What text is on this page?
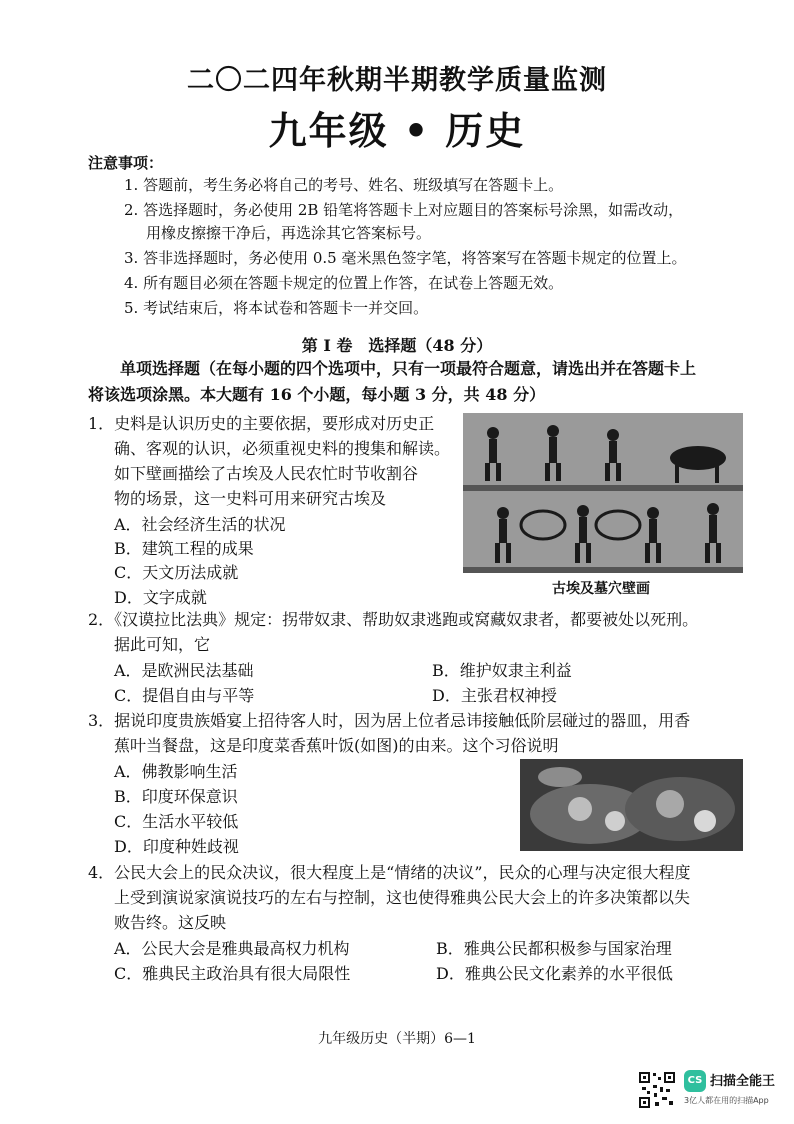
二〇二四年秋期半期教学质量监测
九年级 • 历史
注意事项：
1. 答题前，考生务必将自己的考号、姓名、班级填写在答题卡上。
2. 答选择题时，务必使用 2B 铅笔将答题卡上对应题目的答案标号涂黑，如需改动，
用橡皮擦擦干净后，再选涂其它答案标号。
3. 答非选择题时，务必使用 0.5 毫米黑色签字笔，将答案写在答题卡规定的位置上。
4. 所有题目必须在答题卡规定的位置上作答，在试卷上答题无效。
5. 考试结束后，将本试卷和答题卡一并交回。
第 I 卷　选择题（48 分）
单项选择题（在每小题的四个选项中，只有一项最符合题意，请选出并在答题卡上
将该选项涂黑。本大题有 16 个小题，每小题 3 分，共 48 分）
1．史料是认识历史的主要依据，要形成对历史正
确、客观的认识，必须重视史料的搜集和解读。
如下壁画描绘了古埃及人民农忙时节收割谷
物的场景，这一史料可用来研究古埃及
A．社会经济生活的状况
B．建筑工程的成果
C．天文历法成就
D．文字成就	古埃及墓穴壁画
2．《汉谟拉比法典》规定：拐带奴隶、帮助奴隶逃跑或窝藏奴隶者，都要被处以死刑。
据此可知，它
A．是欧洲民法基础	B．维护奴隶主利益
C．提倡自由与平等	D．主张君权神授
3．据说印度贵族婚宴上招待客人时，因为居上位者忌讳接触低阶层碰过的器皿，用香
蕉叶当餐盘，这是印度菜香蕉叶饭(如图)的由来。这个习俗说明
A．佛教影响生活
B．印度环保意识
C．生活水平较低
D．印度种姓歧视
4．公民大会上的民众决议，很大程度上是“情绪的决议”，民众的心理与决定很大程度
上受到演说家演说技巧的左右与控制，这也使得雅典公民大会上的许多决策都以失
败告终。这反映
A．公民大会是雅典最高权力机构	B．雅典公民都积极参与国家治理
C．雅典民主政治具有很大局限性	D．雅典公民文化素养的水平很低
九年级历史（半期）6—1
CS 扫描全能王
3亿人都在用的扫描App
